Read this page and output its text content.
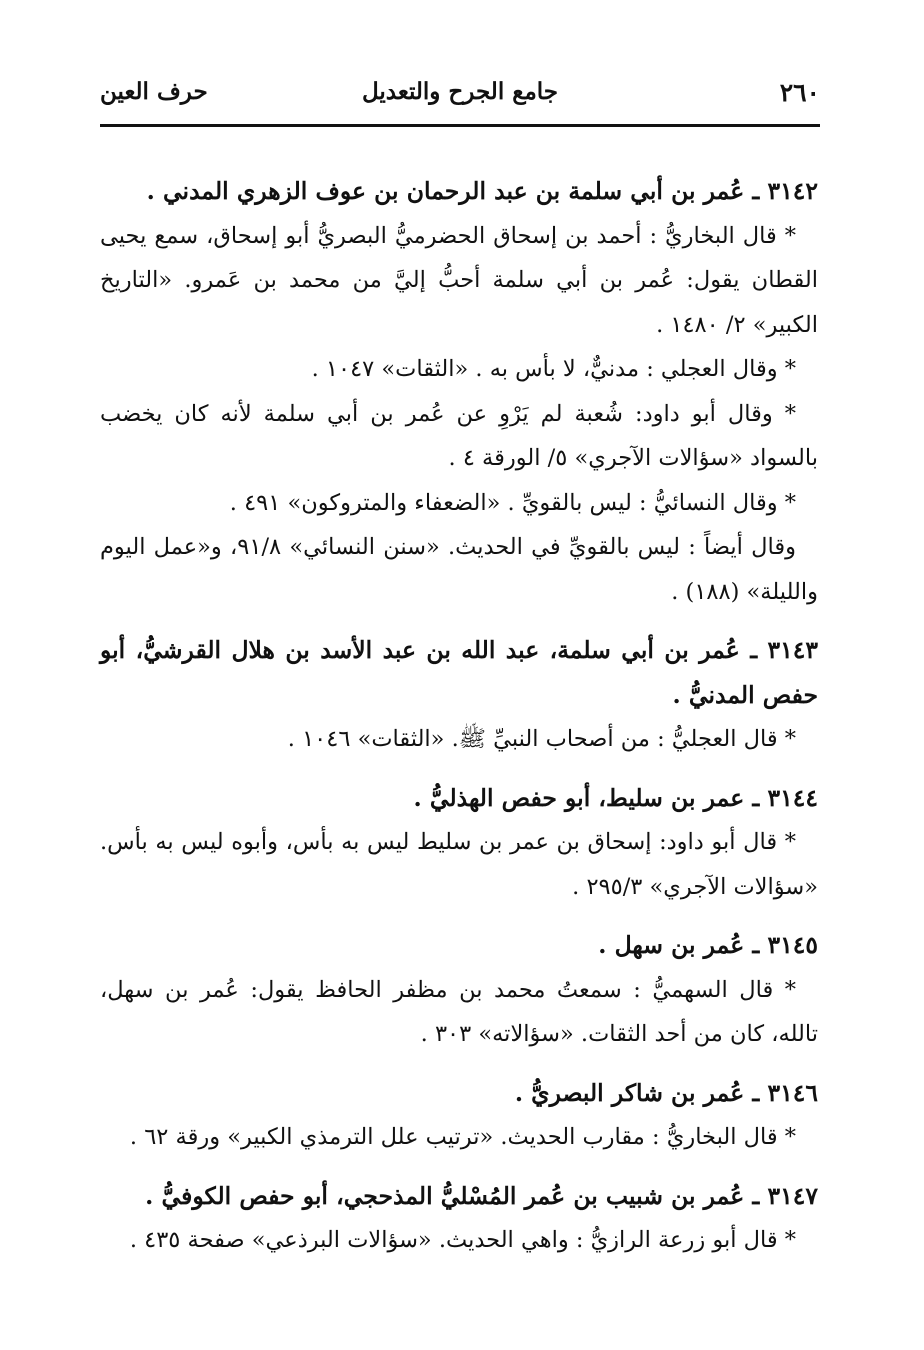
٢٦٠
جامع الجرح والتعديل
حرف العين

٣١٤٢ ـ عُمر بن أبي سلمة بن عبد الرحمان بن عوف الزهري المدني .

* قال البخاريُّ : أحمد بن إسحاق الحضرميُّ البصريُّ أبو إسحاق، سمع يحيى القطان يقول: عُمر بن أبي سلمة أحبُّ إليَّ من محمد بن عَمرو. «التاريخ الكبير» ٢/ ١٤٨٠ .

* وقال العجلي : مدنيٌّ، لا بأس به . «الثقات» ١٠٤٧ .

* وقال أبو داود: شُعبة لم يَرْوِ عن عُمر بن أبي سلمة لأنه كان يخضب بالسواد «سؤالات الآجري» ٥/ الورقة ٤ .

* وقال النسائيُّ : ليس بالقويِّ . «الضعفاء والمتروكون» ٤٩١ .

وقال أيضاً : ليس بالقويِّ في الحديث. «سنن النسائي» ٩١/٨، و«عمل اليوم والليلة» (١٨٨) .

٣١٤٣ ـ عُمر بن أبي سلمة، عبد الله بن عبد الأسد بن هلال القرشيُّ، أبو حفص المدنيُّ .

* قال العجليُّ : من أصحاب النبيِّ ﷺ. «الثقات» ١٠٤٦ .

٣١٤٤ ـ عمر بن سليط، أبو حفص الهذليُّ .

* قال أبو داود: إسحاق بن عمر بن سليط ليس به بأس، وأبوه ليس به بأس. «سؤالات الآجري» ٢٩٥/٣ .

٣١٤٥ ـ عُمر بن سهل .

* قال السهميُّ : سمعتُ محمد بن مظفر الحافظ يقول: عُمر بن سهل، تالله، كان من أحد الثقات. «سؤالاته» ٣٠٣ .

٣١٤٦ ـ عُمر بن شاكر البصريُّ .

* قال البخاريُّ : مقارب الحديث. «ترتيب علل الترمذي الكبير» ورقة ٦٢ .

٣١٤٧ ـ عُمر بن شبيب بن عُمر المُسْليُّ المذحجي، أبو حفص الكوفيُّ .

* قال أبو زرعة الرازيُّ : واهي الحديث. «سؤالات البرذعي» صفحة ٤٣٥ .
